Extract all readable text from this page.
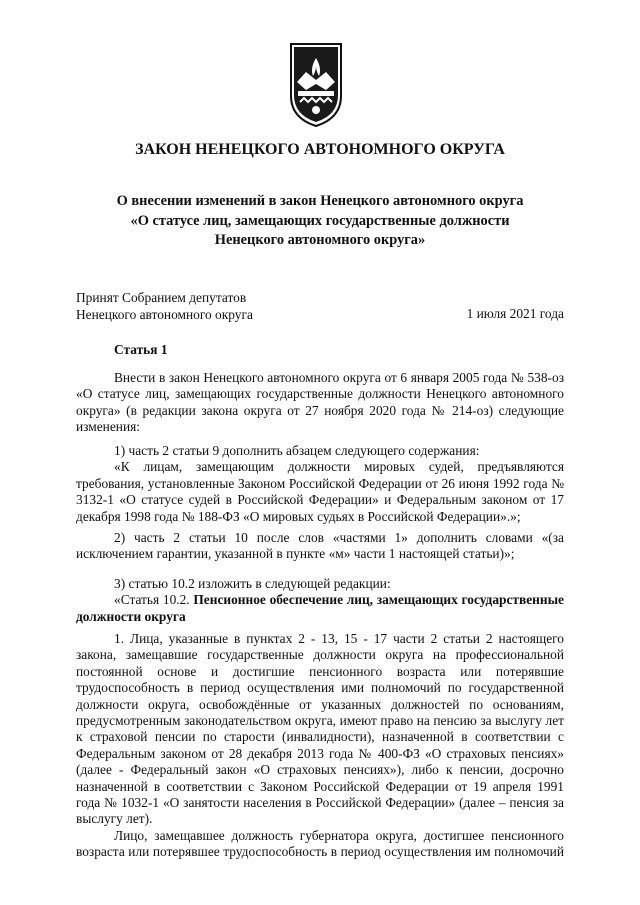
ЗАКОН НЕНЕЦКОГО АВТОНОМНОГО ОКРУГА
О внесении изменений в закон Ненецкого автономного округа
«О статусе лиц, замещающих государственные должности
Ненецкого автономного округа»
Принят Собранием депутатов
Ненецкого автономного округа	1 июля 2021 года
Статья 1

Внести в закон Ненецкого автономного округа от 6 января 2005 года № 538-оз «О статусе лиц, замещающих государственные должности Ненецкого автономного округа» (в редакции закона округа от 27 ноября 2020 года № 214-оз) следующие изменения:

1) часть 2 статьи 9 дополнить абзацем следующего содержания:

«К лицам, замещающим должности мировых судей, предъявляются требования, установленные Законом Российской Федерации от 26 июня 1992 года № 3132-1 «О статусе судей в Российской Федерации» и Федеральным законом от 17 декабря 1998 года № 188-ФЗ «О мировых судьях в Российской Федерации».»;

2) часть 2 статьи 10 после слов «частями 1» дополнить словами «(за исключением гарантии, указанной в пункте «м» части 1 настоящей статьи)»;

3) статью 10.2 изложить в следующей редакции:

«Статья 10.2. Пенсионное обеспечение лиц, замещающих государственные должности округа

1. Лица, указанные в пунктах 2 - 13, 15 - 17 части 2 статьи 2 настоящего закона, замещавшие государственные должности округа на профессиональной постоянной основе и достигшие пенсионного возраста или потерявшие трудоспособность в период осуществления ими полномочий по государственной должности округа, освобождённые от указанных должностей по основаниям, предусмотренным законодательством округа, имеют право на пенсию за выслугу лет к страховой пенсии по старости (инвалидности), назначенной в соответствии с Федеральным законом от 28 декабря 2013 года № 400-ФЗ «О страховых пенсиях» (далее - Федеральный закон «О страховых пенсиях»), либо к пенсии, досрочно назначенной в соответствии с Законом Российской Федерации от 19 апреля 1991 года № 1032-1 «О занятости населения в Российской Федерации» (далее – пенсия за выслугу лет).

Лицо, замещавшее должность губернатора округа, достигшее пенсионного возраста или потерявшее трудоспособность в период осуществления им полномочий
